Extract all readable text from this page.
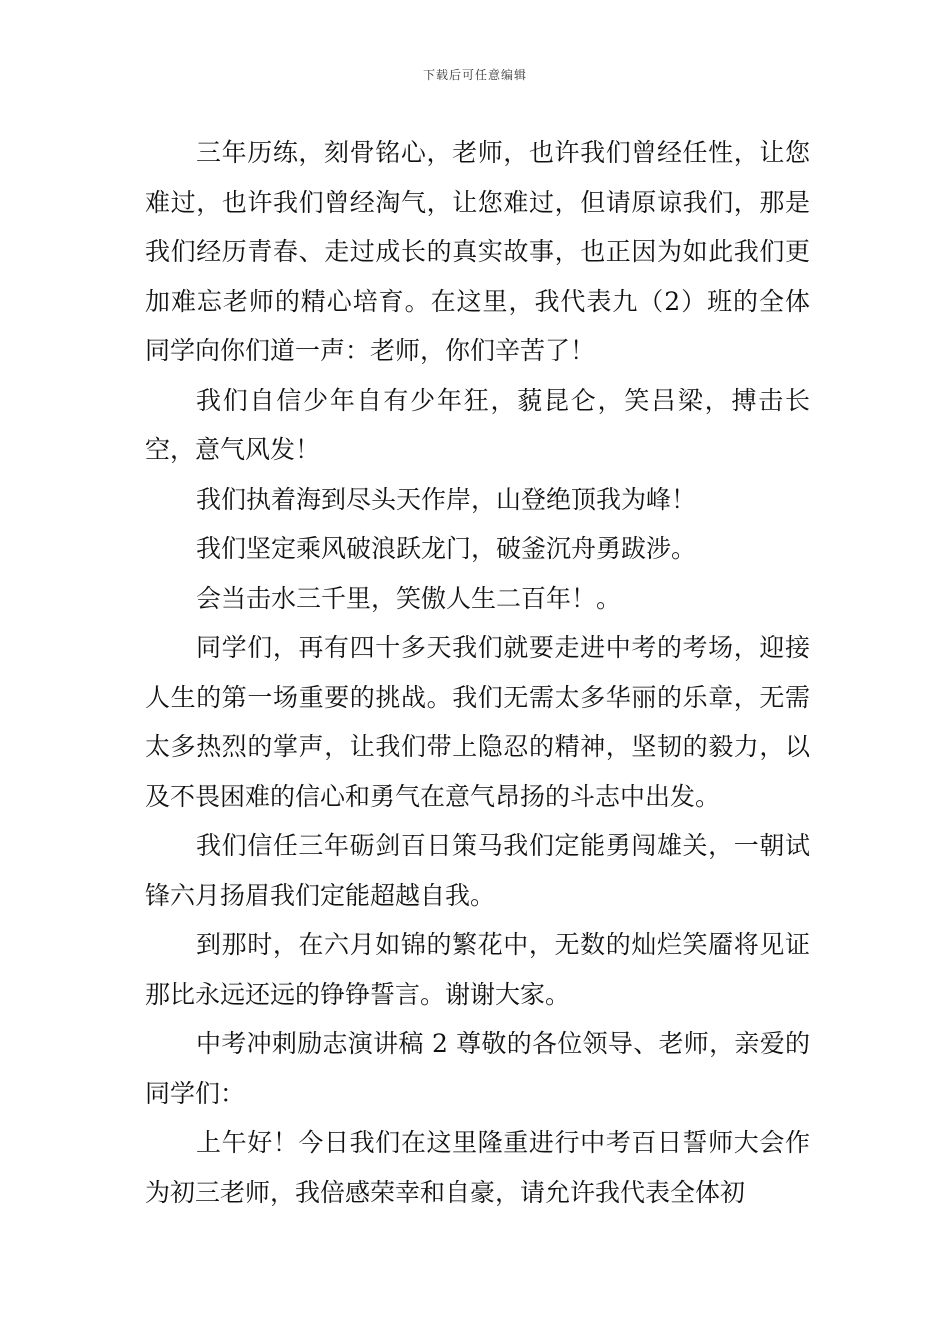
下载后可任意编辑

三年历练，刻骨铭心，老师，也许我们曾经任性，让您难过，也许我们曾经淘气，让您难过，但请原谅我们，那是我们经历青春、走过成长的真实故事，也正因为如此我们更加难忘老师的精心培育。在这里，我代表九（2）班的全体同学向你们道一声：老师，你们辛苦了！

我们自信少年自有少年狂，藐昆仑，笑吕梁，搏击长空，意气风发！

我们执着海到尽头天作岸，山登绝顶我为峰！

我们坚定乘风破浪跃龙门，破釜沉舟勇跋涉。

会当击水三千里，笑傲人生二百年！。

同学们，再有四十多天我们就要走进中考的考场，迎接人生的第一场重要的挑战。我们无需太多华丽的乐章，无需太多热烈的掌声，让我们带上隐忍的精神，坚韧的毅力，以及不畏困难的信心和勇气在意气昂扬的斗志中出发。

我们信任三年砺剑百日策马我们定能勇闯雄关，一朝试锋六月扬眉我们定能超越自我。

到那时，在六月如锦的繁花中，无数的灿烂笑靥将见证那比永远还远的铮铮誓言。谢谢大家。

中考冲刺励志演讲稿 2 尊敬的各位领导、老师，亲爱的同学们：

上午好！今日我们在这里隆重进行中考百日誓师大会作为初三老师，我倍感荣幸和自豪，请允许我代表全体初
